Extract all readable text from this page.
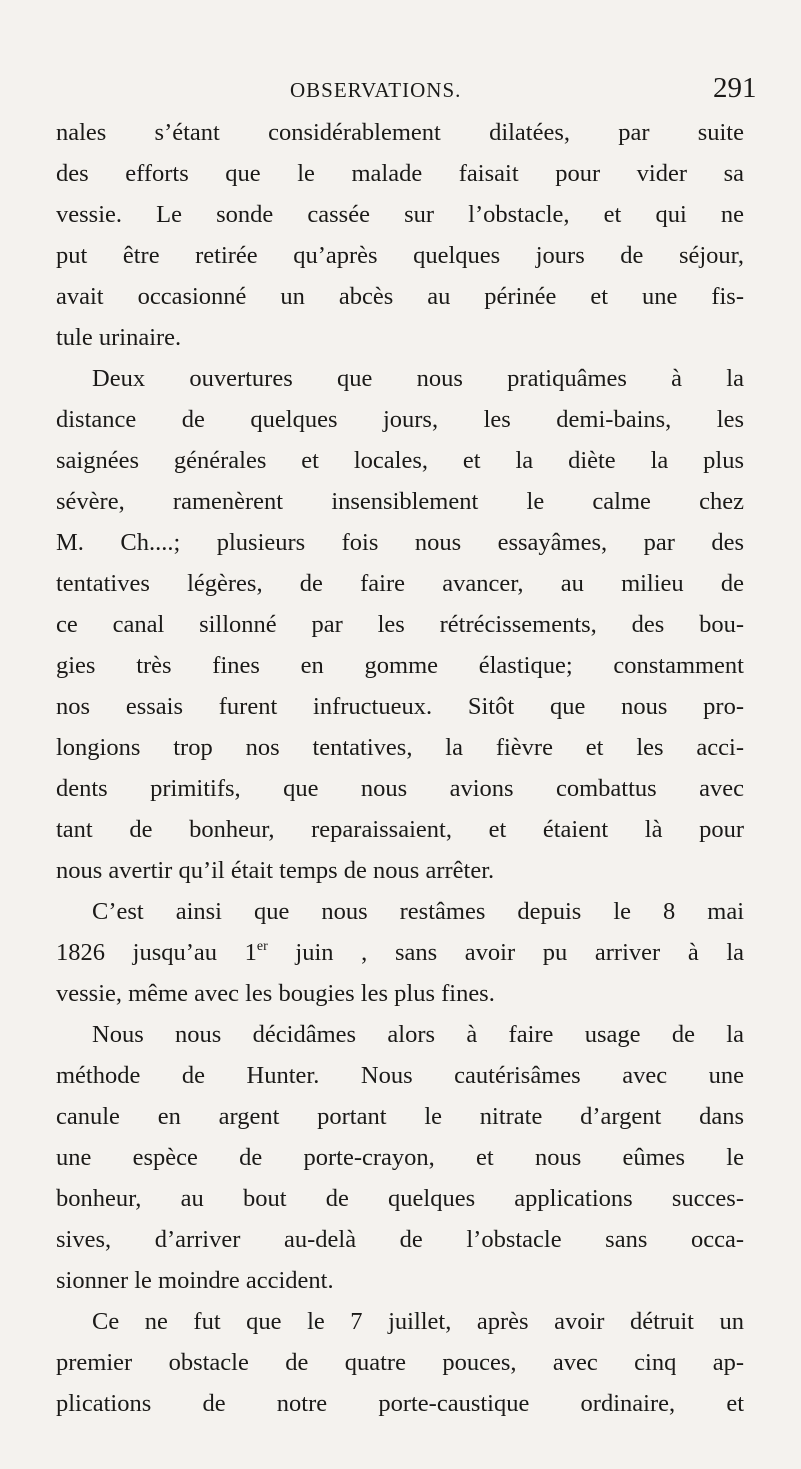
OBSERVATIONS.	291
nales s’étant considérablement dilatées, par suite
des efforts que le malade faisait pour vider sa
vessie. Le sonde cassée sur l’obstacle, et qui ne
put être retirée qu’après quelques jours de séjour,
avait occasionné un abcès au périnée et une fis-
tule urinaire.
Deux ouvertures que nous pratiquâmes à la
distance de quelques jours, les demi-bains, les
saignées générales et locales, et la diète la plus
sévère, ramenèrent insensiblement le calme chez
M. Ch....; plusieurs fois nous essayâmes, par des
tentatives légères, de faire avancer, au milieu de
ce canal sillonné par les rétrécissements, des bou-
gies très fines en gomme élastique; constamment
nos essais furent infructueux. Sitôt que nous pro-
longions trop nos tentatives, la fièvre et les acci-
dents primitifs, que nous avions combattus avec
tant de bonheur, reparaissaient, et étaient là pour
nous avertir qu’il était temps de nous arrêter.
C’est ainsi que nous restâmes depuis le 8 mai
1826 jusqu’au 1er juin , sans avoir pu arriver à la
vessie, même avec les bougies les plus fines.
Nous nous décidâmes alors à faire usage de la
méthode de Hunter. Nous cautérisâmes avec une
canule en argent portant le nitrate d’argent dans
une espèce de porte-crayon, et nous eûmes le
bonheur, au bout de quelques applications succes-
sives, d’arriver au-delà de l’obstacle sans occa-
sionner le moindre accident.
Ce ne fut que le 7 juillet, après avoir détruit un
premier obstacle de quatre pouces, avec cinq ap-
plications de notre porte-caustique ordinaire, et
